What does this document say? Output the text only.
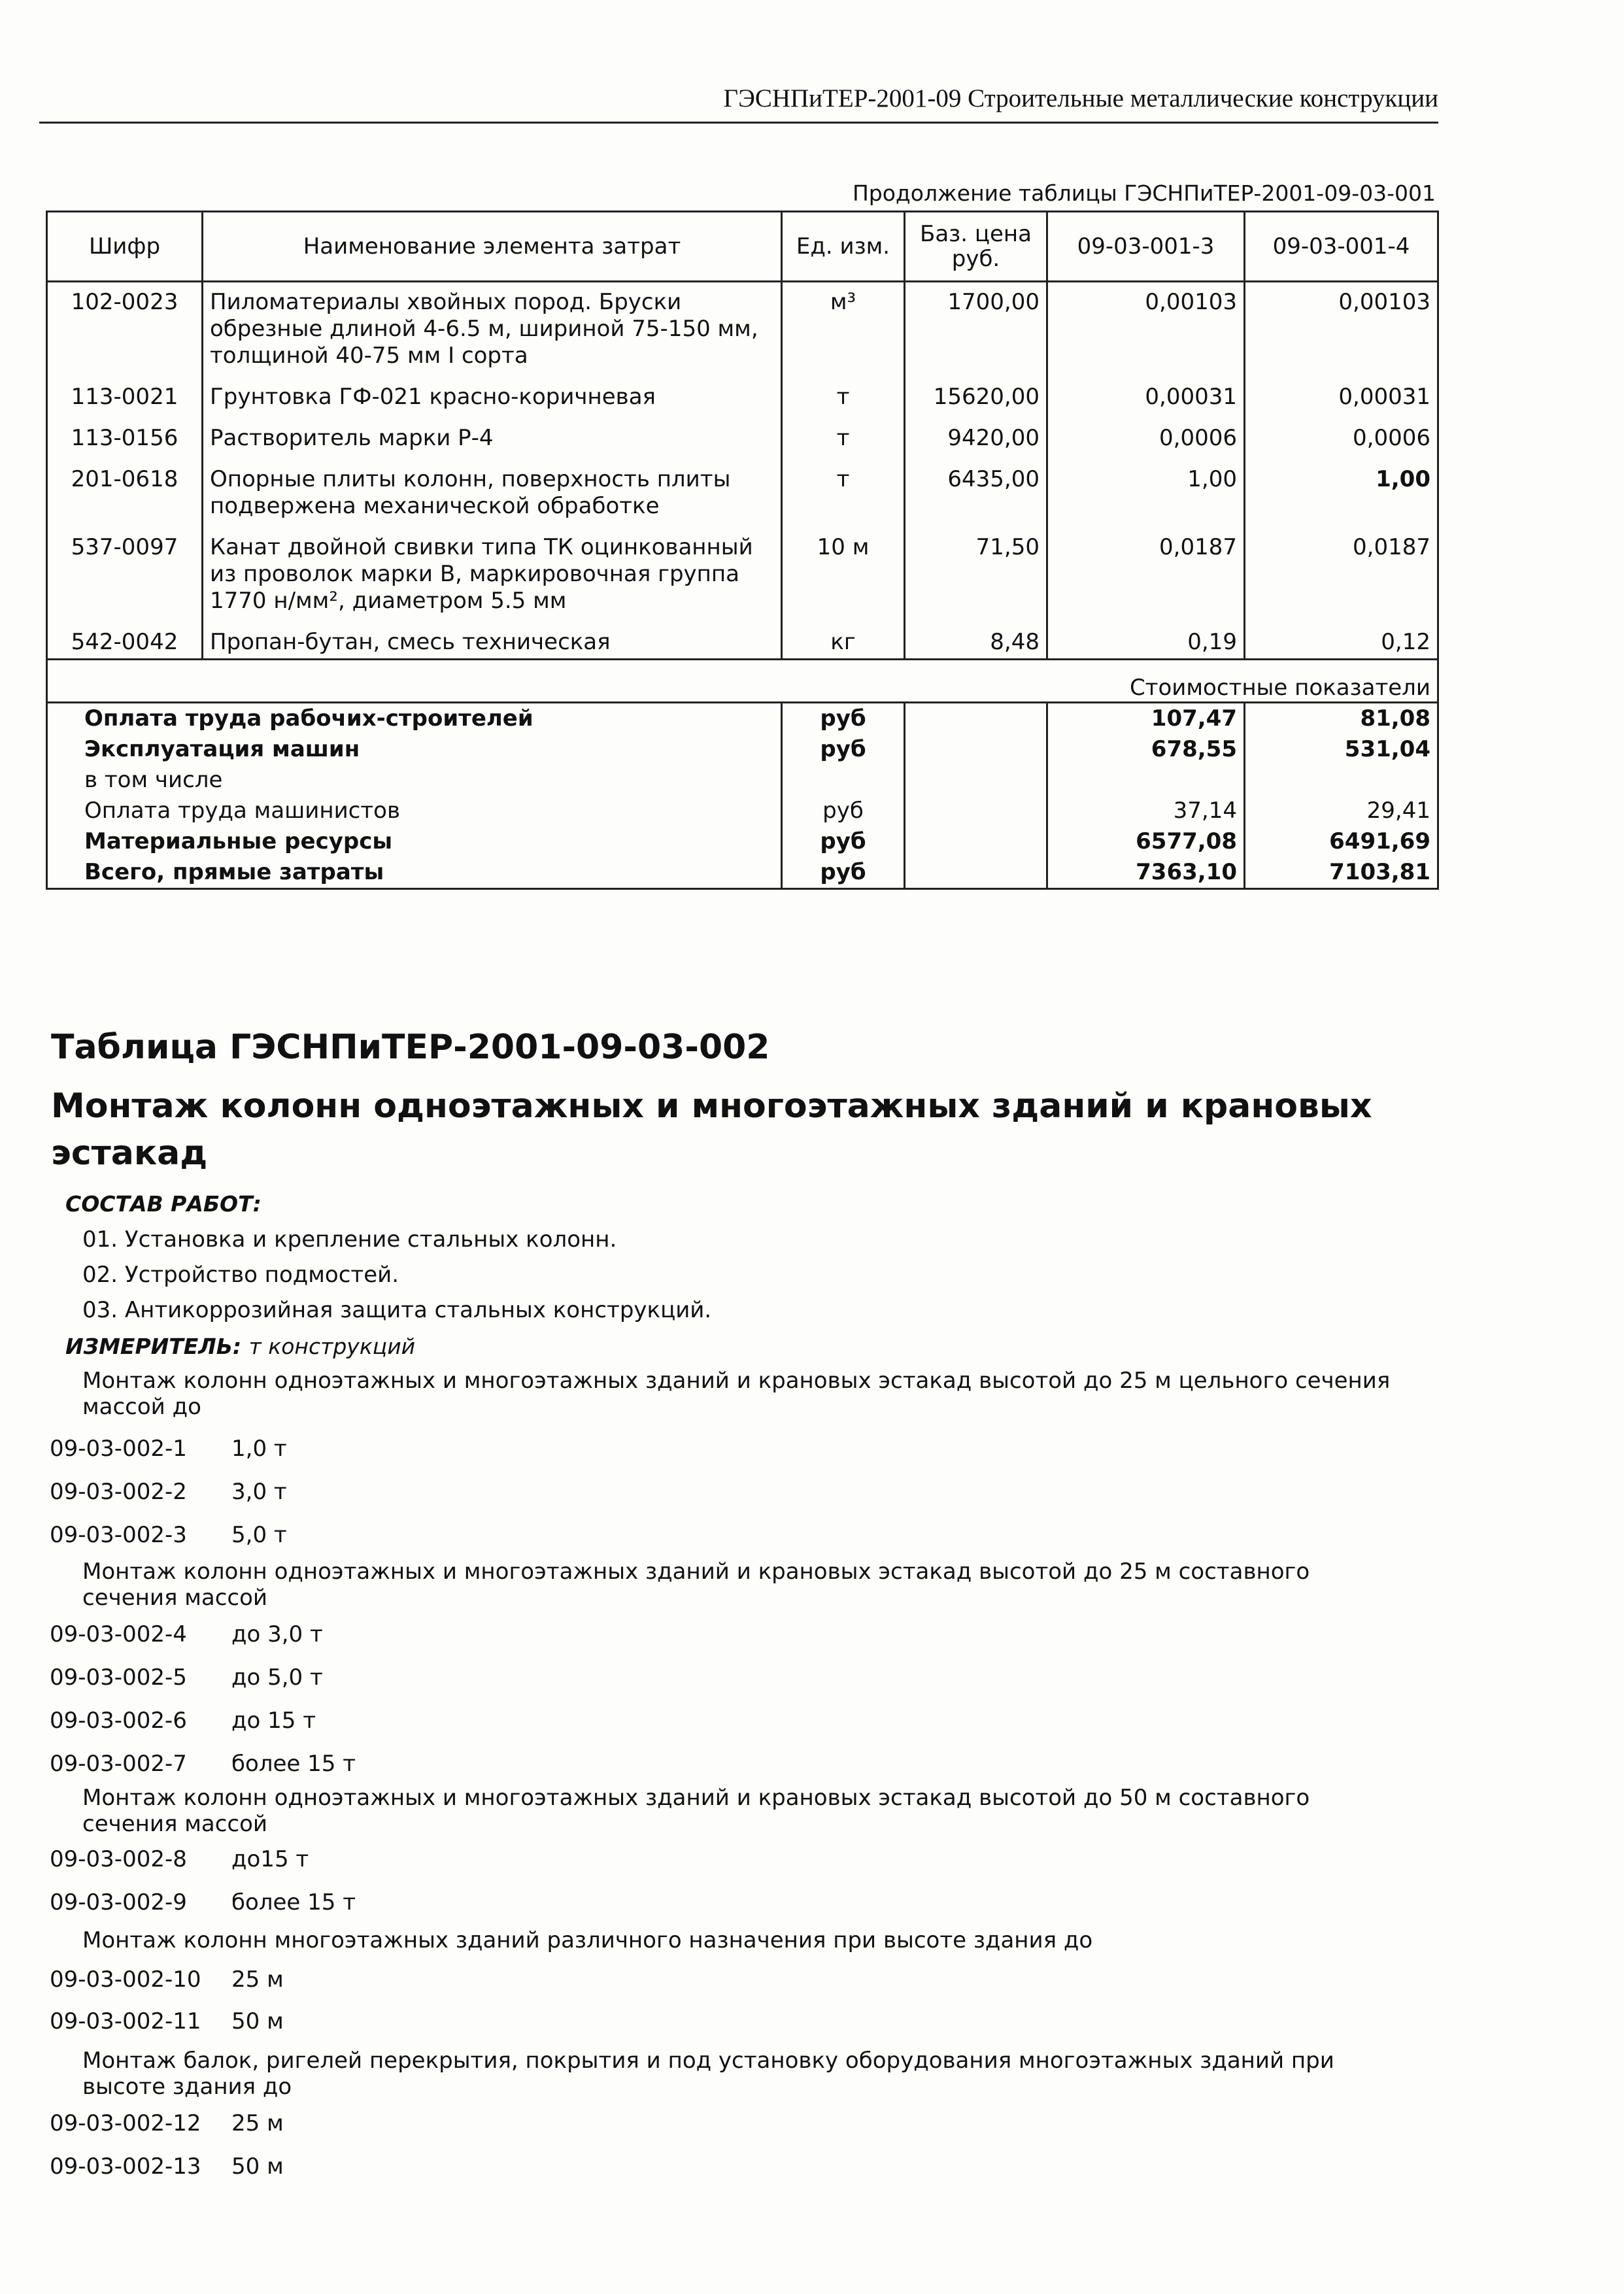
ГЭСНПиТЕР-2001-09 Строительные металлические конструкции
Продолжение таблицы ГЭСНПиТЕР-2001-09-03-001
Шифр	Наименование элемента затрат	Ед. изм.	Баз. цена руб.	09-03-001-3	09-03-001-4
102-0023	Пиломатериалы хвойных пород. Бруски обрезные длиной 4-6.5 м, шириной 75-150 мм, толщиной 40-75 мм I сорта	м³	1700,00	0,00103	0,00103
113-0021	Грунтовка ГФ-021 красно-коричневая	т	15620,00	0,00031	0,00031
113-0156	Растворитель марки Р-4	т	9420,00	0,0006	0,0006
201-0618	Опорные плиты колонн, поверхность плиты подвержена механической обработке	т	6435,00	1,00	1,00
537-0097	Канат двойной свивки типа ТК оцинкованный из проволок марки В, маркировочная группа 1770 н/мм², диаметром 5.5 мм	10 м	71,50	0,0187	0,0187
542-0042	Пропан-бутан, смесь техническая	кг	8,48	0,19	0,12
Стоимостные показатели					
Оплата труда рабочих-строителей		руб		107,47	81,08
Эксплуатация машин		руб		678,55	531,04
в том числе					
Оплата труда машинистов		руб		37,14	29,41
Материальные ресурсы		руб		6577,08	6491,69
Всего, прямые затраты		руб		7363,10	7103,81
Таблица ГЭСНПиТЕР-2001-09-03-002
Монтаж колонн одноэтажных и многоэтажных зданий и крановых
эстакад
СОСТАВ РАБОТ:
01. Установка и крепление стальных колонн.
02. Устройство подмостей.
03. Антикоррозийная защита стальных конструкций.
ИЗМЕРИТЕЛЬ: т конструкций
Монтаж колонн одноэтажных и многоэтажных зданий и крановых эстакад высотой до 25 м цельного сечения массой до
09-03-002-1 1,0 т
09-03-002-2 3,0 т
09-03-002-3 5,0 т
Монтаж колонн одноэтажных и многоэтажных зданий и крановых эстакад высотой до 25 м составного сечения массой
09-03-002-4 до 3,0 т
09-03-002-5 до 5,0 т
09-03-002-6 до 15 т
09-03-002-7 более 15 т
Монтаж колонн одноэтажных и многоэтажных зданий и крановых эстакад высотой до 50 м составного сечения массой
09-03-002-8 до15 т
09-03-002-9 более 15 т
Монтаж колонн многоэтажных зданий различного назначения при высоте здания до
09-03-002-10 25 м
09-03-002-11 50 м
Монтаж балок, ригелей перекрытия, покрытия и под установку оборудования многоэтажных зданий при высоте здания до
09-03-002-12 25 м
09-03-002-13 50 м
